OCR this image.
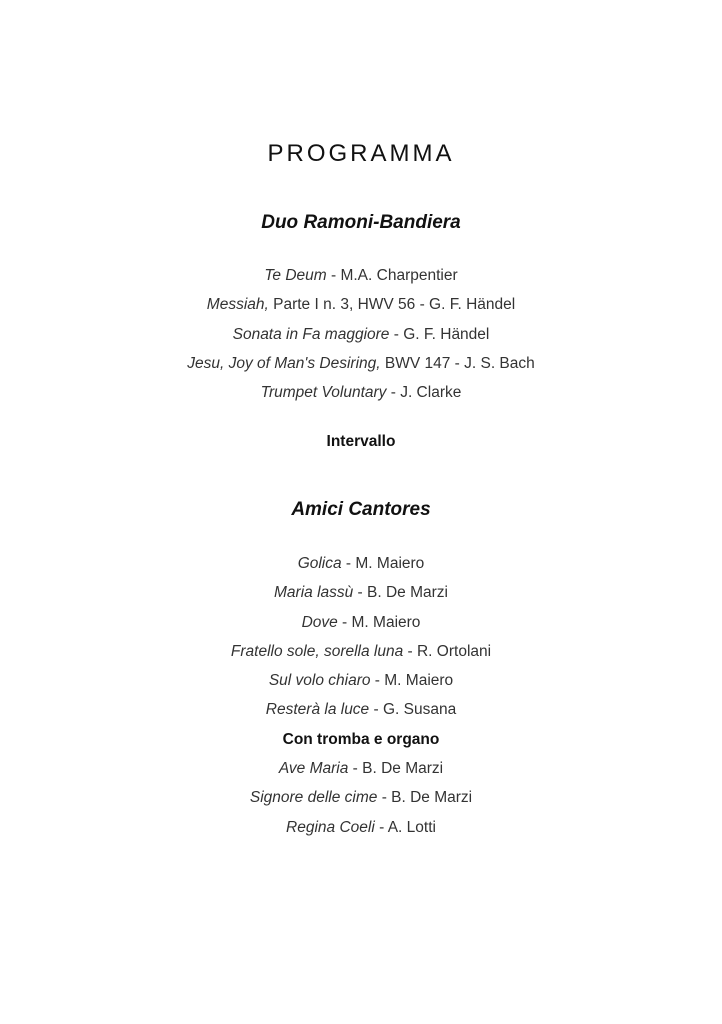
PROGRAMMA
Duo Ramoni-Bandiera
Te Deum - M.A. Charpentier
Messiah, Parte I n. 3, HWV 56 - G. F. Händel
Sonata in Fa maggiore - G. F. Händel
Jesu, Joy of Man's Desiring, BWV 147 - J. S. Bach
Trumpet Voluntary - J. Clarke
Intervallo
Amici Cantores
Golica - M. Maiero
Maria lassù - B. De Marzi
Dove - M. Maiero
Fratello sole, sorella luna - R. Ortolani
Sul volo chiaro - M. Maiero
Resterà la luce - G. Susana
Con tromba e organo
Ave Maria - B. De Marzi
Signore delle cime - B. De Marzi
Regina Coeli - A. Lotti
